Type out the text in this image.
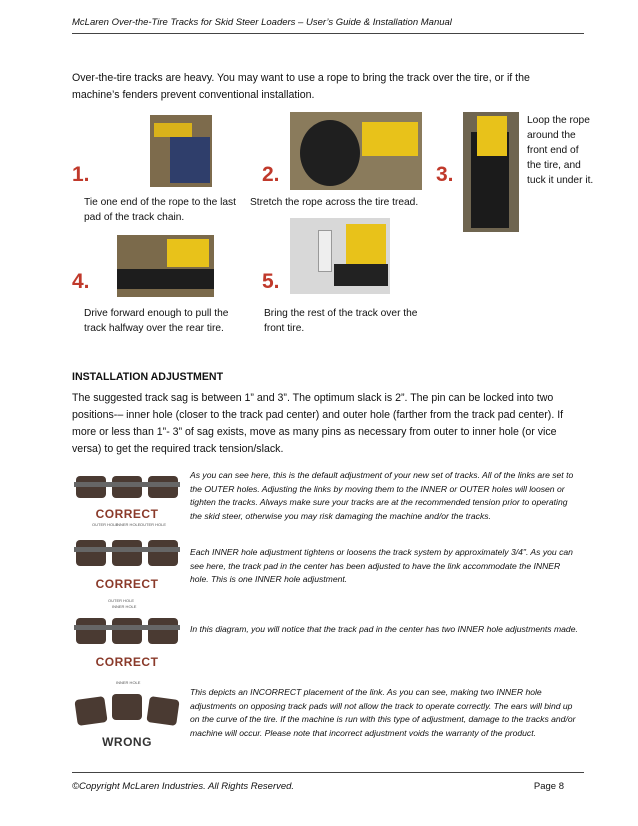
McLaren Over-the-Tire Tracks for Skid Steer Loaders – User’s Guide & Installation Manual
Over-the-tire tracks are heavy. You may want to use a rope to bring the track over the tire, or if the machine’s fenders prevent conventional installation.
1.
Tie one end of the rope to the last pad of the track chain.
2.
Stretch the rope across the tire tread.
3.
Loop the rope around the front end of the tire, and tuck it under it.
4.
Drive forward enough to pull the track halfway over the rear tire.
5.
Bring the rest of the track over the front tire.
INSTALLATION ADJUSTMENT
The suggested track sag is between 1” and 3”. The optimum slack is 2”. The pin can be locked into two positions-– inner hole (closer to the track pad center) and outer hole (farther from the track pad center). If more or less than 1”- 3” of sag exists, move as many pins as necessary from outer to inner hole (or vice versa) to get the required track tension/slack.
CORRECT
As you can see here, this is the default adjustment of your new set of tracks. All of the links are set to the OUTER holes. Adjusting the links by moving them to the INNER or OUTER holes will loosen or tighten the tracks. Always make sure your tracks are at the recommended tension prior to operating the skid steer, otherwise you may risk damaging the machine and/or the tracks.
OUTER HOLE
INNER HOLE OUTER HOLE
CORRECT
Each INNER hole adjustment tightens or loosens the track system by approximately 3/4". As you can see here, the track pad in the center has been adjusted to have the link accommodate the INNER hole. This is one INNER hole adjustment.
OUTER HOLE
INNER HOLE
CORRECT
In this diagram, you will notice that the track pad in the center has two INNER hole adjustments made.
INNER HOLE
WRONG
This depicts an INCORRECT placement of the link. As you can see, making two INNER hole adjustments on opposing track pads will not allow the track to operate correctly. The ears will bind up on the curve of the tire. If the machine is run with this type of adjustment, damage to the tracks and/or machine will occur. Please note that incorrect adjustment voids the warranty of the product.
©Copyright McLaren Industries. All Rights Reserved.	Page 8
